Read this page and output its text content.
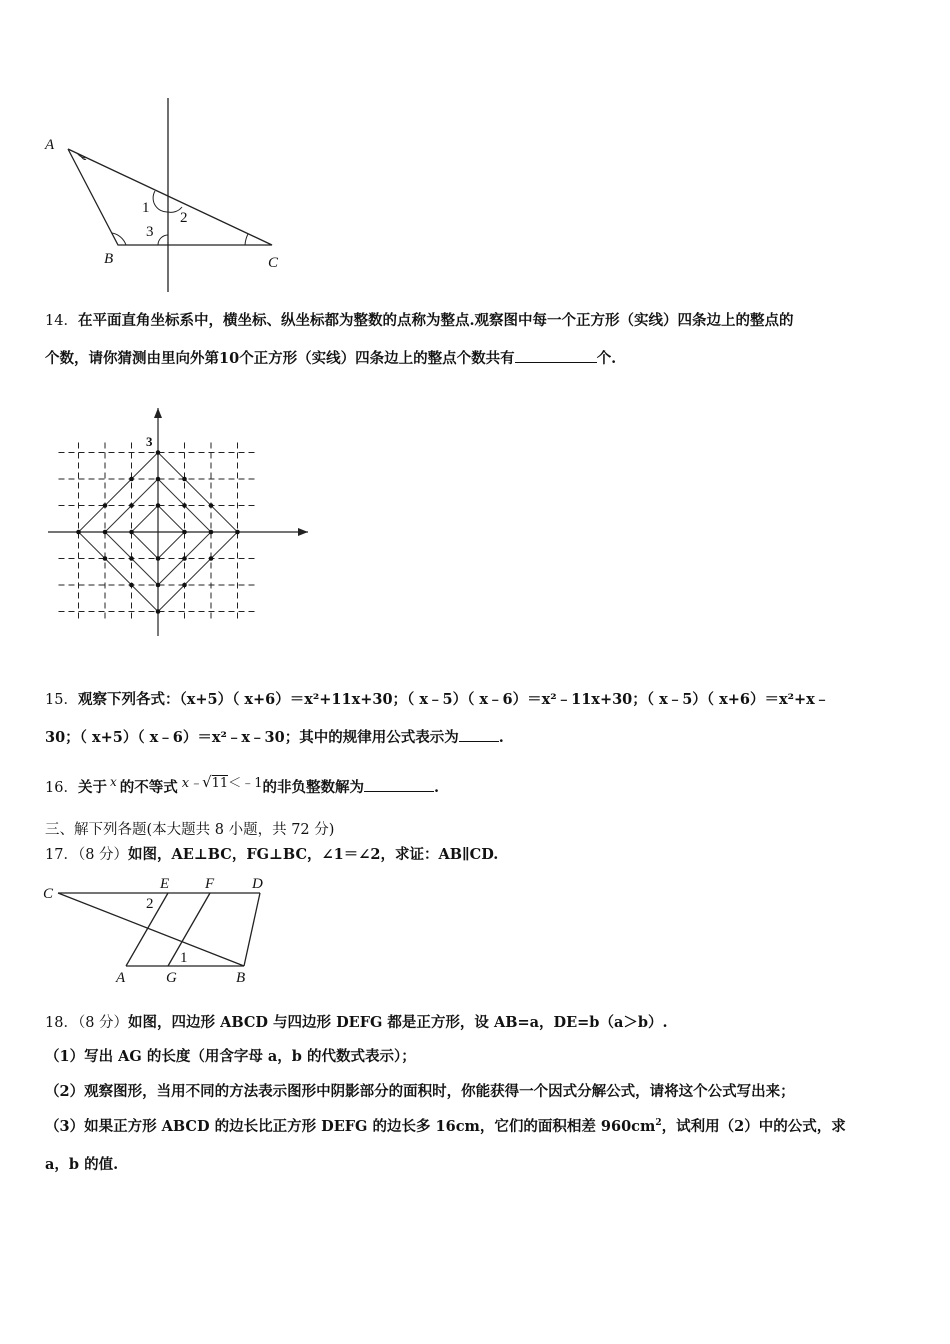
A
B	C
1
2
3
14．在平面直角坐标系中，横坐标、纵坐标都为整数的点称为整点.观察图中每一个正方形（实线）四条边上的整点的
个数，请你猜测由里向外第10个正方形（实线）四条边上的整点个数共有	个.
3
15．观察下列各式：（x+5）（ x+6）＝x²+11x+30；（ x﹣5）（ x﹣6）＝x²﹣11x+30；（ x﹣5）（ x+6）＝x²+x﹣
30；（ x+5）（ x﹣6）＝x²﹣x﹣30；其中的规律用公式表示为	.
16．关于 $^x$ 的不等式 x﹣√11＜﹣1的非负整数解为	.
三、解下列各题(本大题共 8 小题，共 72 分)
17．（8 分）如图，AE⊥BC，FG⊥BC，∠1＝∠2，求证：AB∥CD.
C
E F	D
A	G	B
1
2
18．（8 分）如图，四边形 ABCD 与四边形 DEFG 都是正方形，设 AB=a，DE=b（a＞b）.
（1）写出 AG 的长度（用含字母 a，b 的代数式表示）；
（2）观察图形，当用不同的方法表示图形中阴影部分的面积时，你能获得一个因式分解公式，请将这个公式写出来；
（3）如果正方形 ABCD 的边长比正方形 DEFG 的边长多 16cm，它们的面积相差 $960cm^2$，试利用（2）中的公式，求
a，b 的值.
